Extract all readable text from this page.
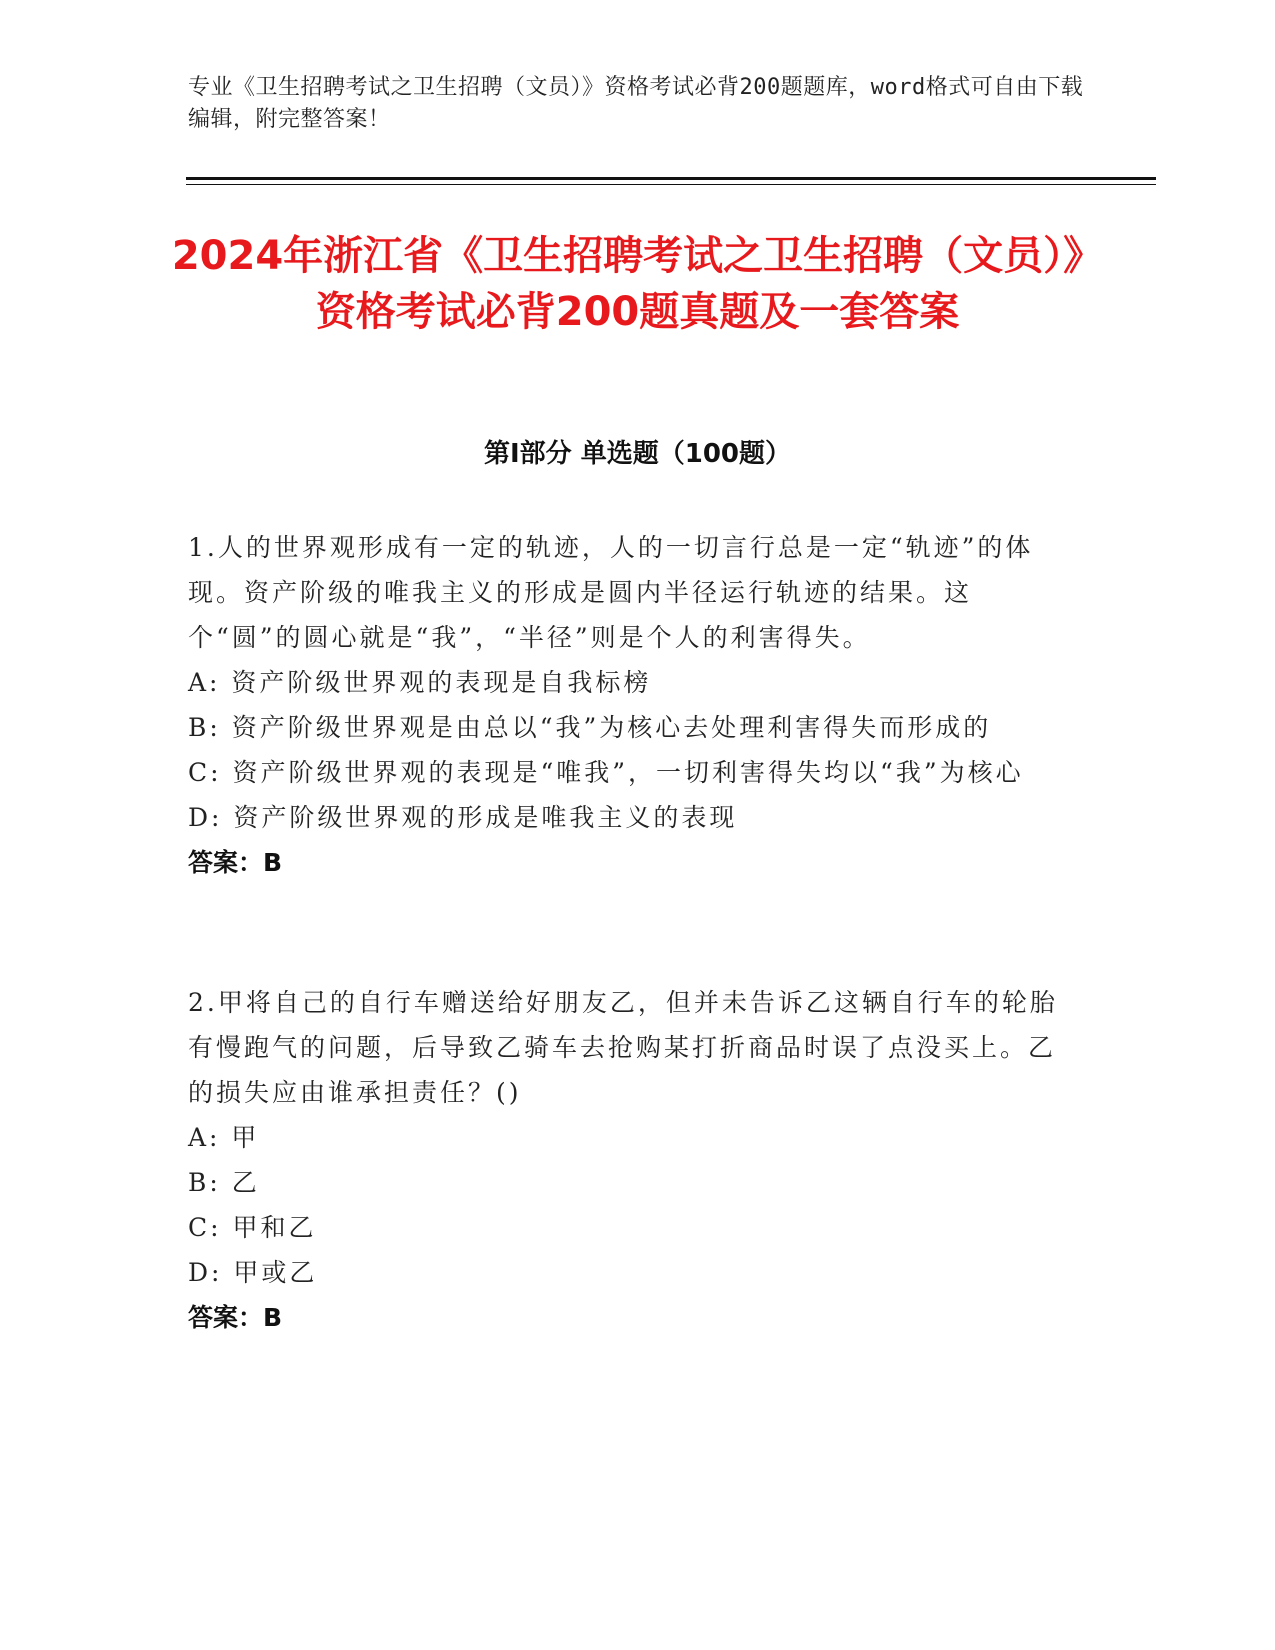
专业《卫生招聘考试之卫生招聘（文员）》资格考试必背200题题库，word格式可自由下载编辑，附完整答案！
2024年浙江省《卫生招聘考试之卫生招聘（文员）》资格考试必背200题真题及一套答案
第Ⅰ部分 单选题（100题）

1.人的世界观形成有一定的轨迹，人的一切言行总是一定“轨迹”的体现。资产阶级的唯我主义的形成是圆内半径运行轨迹的结果。这个“圆”的圆心就是“我”，“半径”则是个人的利害得失。

A: 资产阶级世界观的表现是自我标榜

B: 资产阶级世界观是由总以“我”为核心去处理利害得失而形成的

C: 资产阶级世界观的表现是“唯我”，一切利害得失均以“我”为核心

D: 资产阶级世界观的形成是唯我主义的表现

答案：B

2.甲将自己的自行车赠送给好朋友乙，但并未告诉乙这辆自行车的轮胎有慢跑气的问题，后导致乙骑车去抢购某打折商品时误了点没买上。乙的损失应由谁承担责任？()

A: 甲

B: 乙

C: 甲和乙

D: 甲或乙

答案：B
